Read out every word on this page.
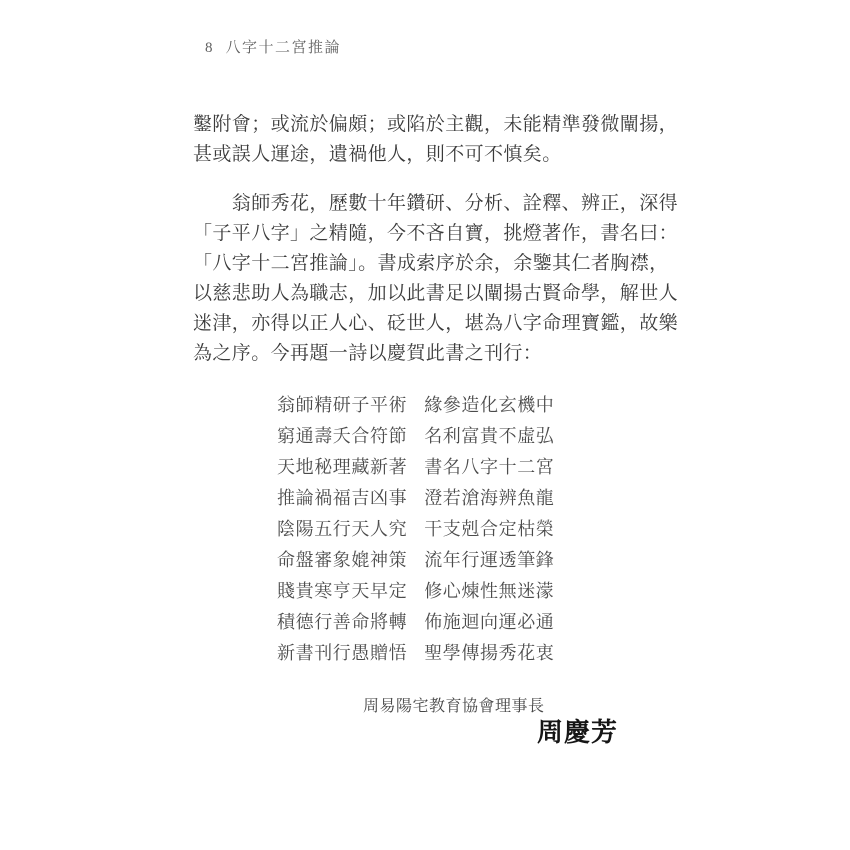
8 八字十二宮推論
鑿附會；或流於偏頗；或陷於主觀，未能精準發微闡揚，
甚或誤人運途，遺禍他人，則不可不慎矣。
　　翁師秀花，歷數十年鑽研、分析、詮釋、辨正，深得
「子平八字」之精隨，今不吝自寶，挑燈著作，書名曰：
「八字十二宮推論」。書成索序於余，余鑒其仁者胸襟，
以慈悲助人為職志，加以此書足以闡揚古賢命學，解世人
迷津，亦得以正人心、砭世人，堪為八字命理寶鑑，故樂
為之序。今再題一詩以慶賀此書之刊行：
翁師精研子平術 緣參造化玄機中
窮通壽夭合符節 名利富貴不虛弘
天地秘理藏新著 書名八字十二宮
推論禍福吉凶事 澄若滄海辨魚龍
陰陽五行天人究 干支剋合定枯榮
命盤審象媲神策 流年行運透筆鋒
賤貴寒亨天早定 修心煉性無迷濛
積德行善命將轉 佈施迴向運必通
新書刊行愚贈悟 聖學傳揚秀花衷
周易陽宅教育協會理事長
周慶芳
